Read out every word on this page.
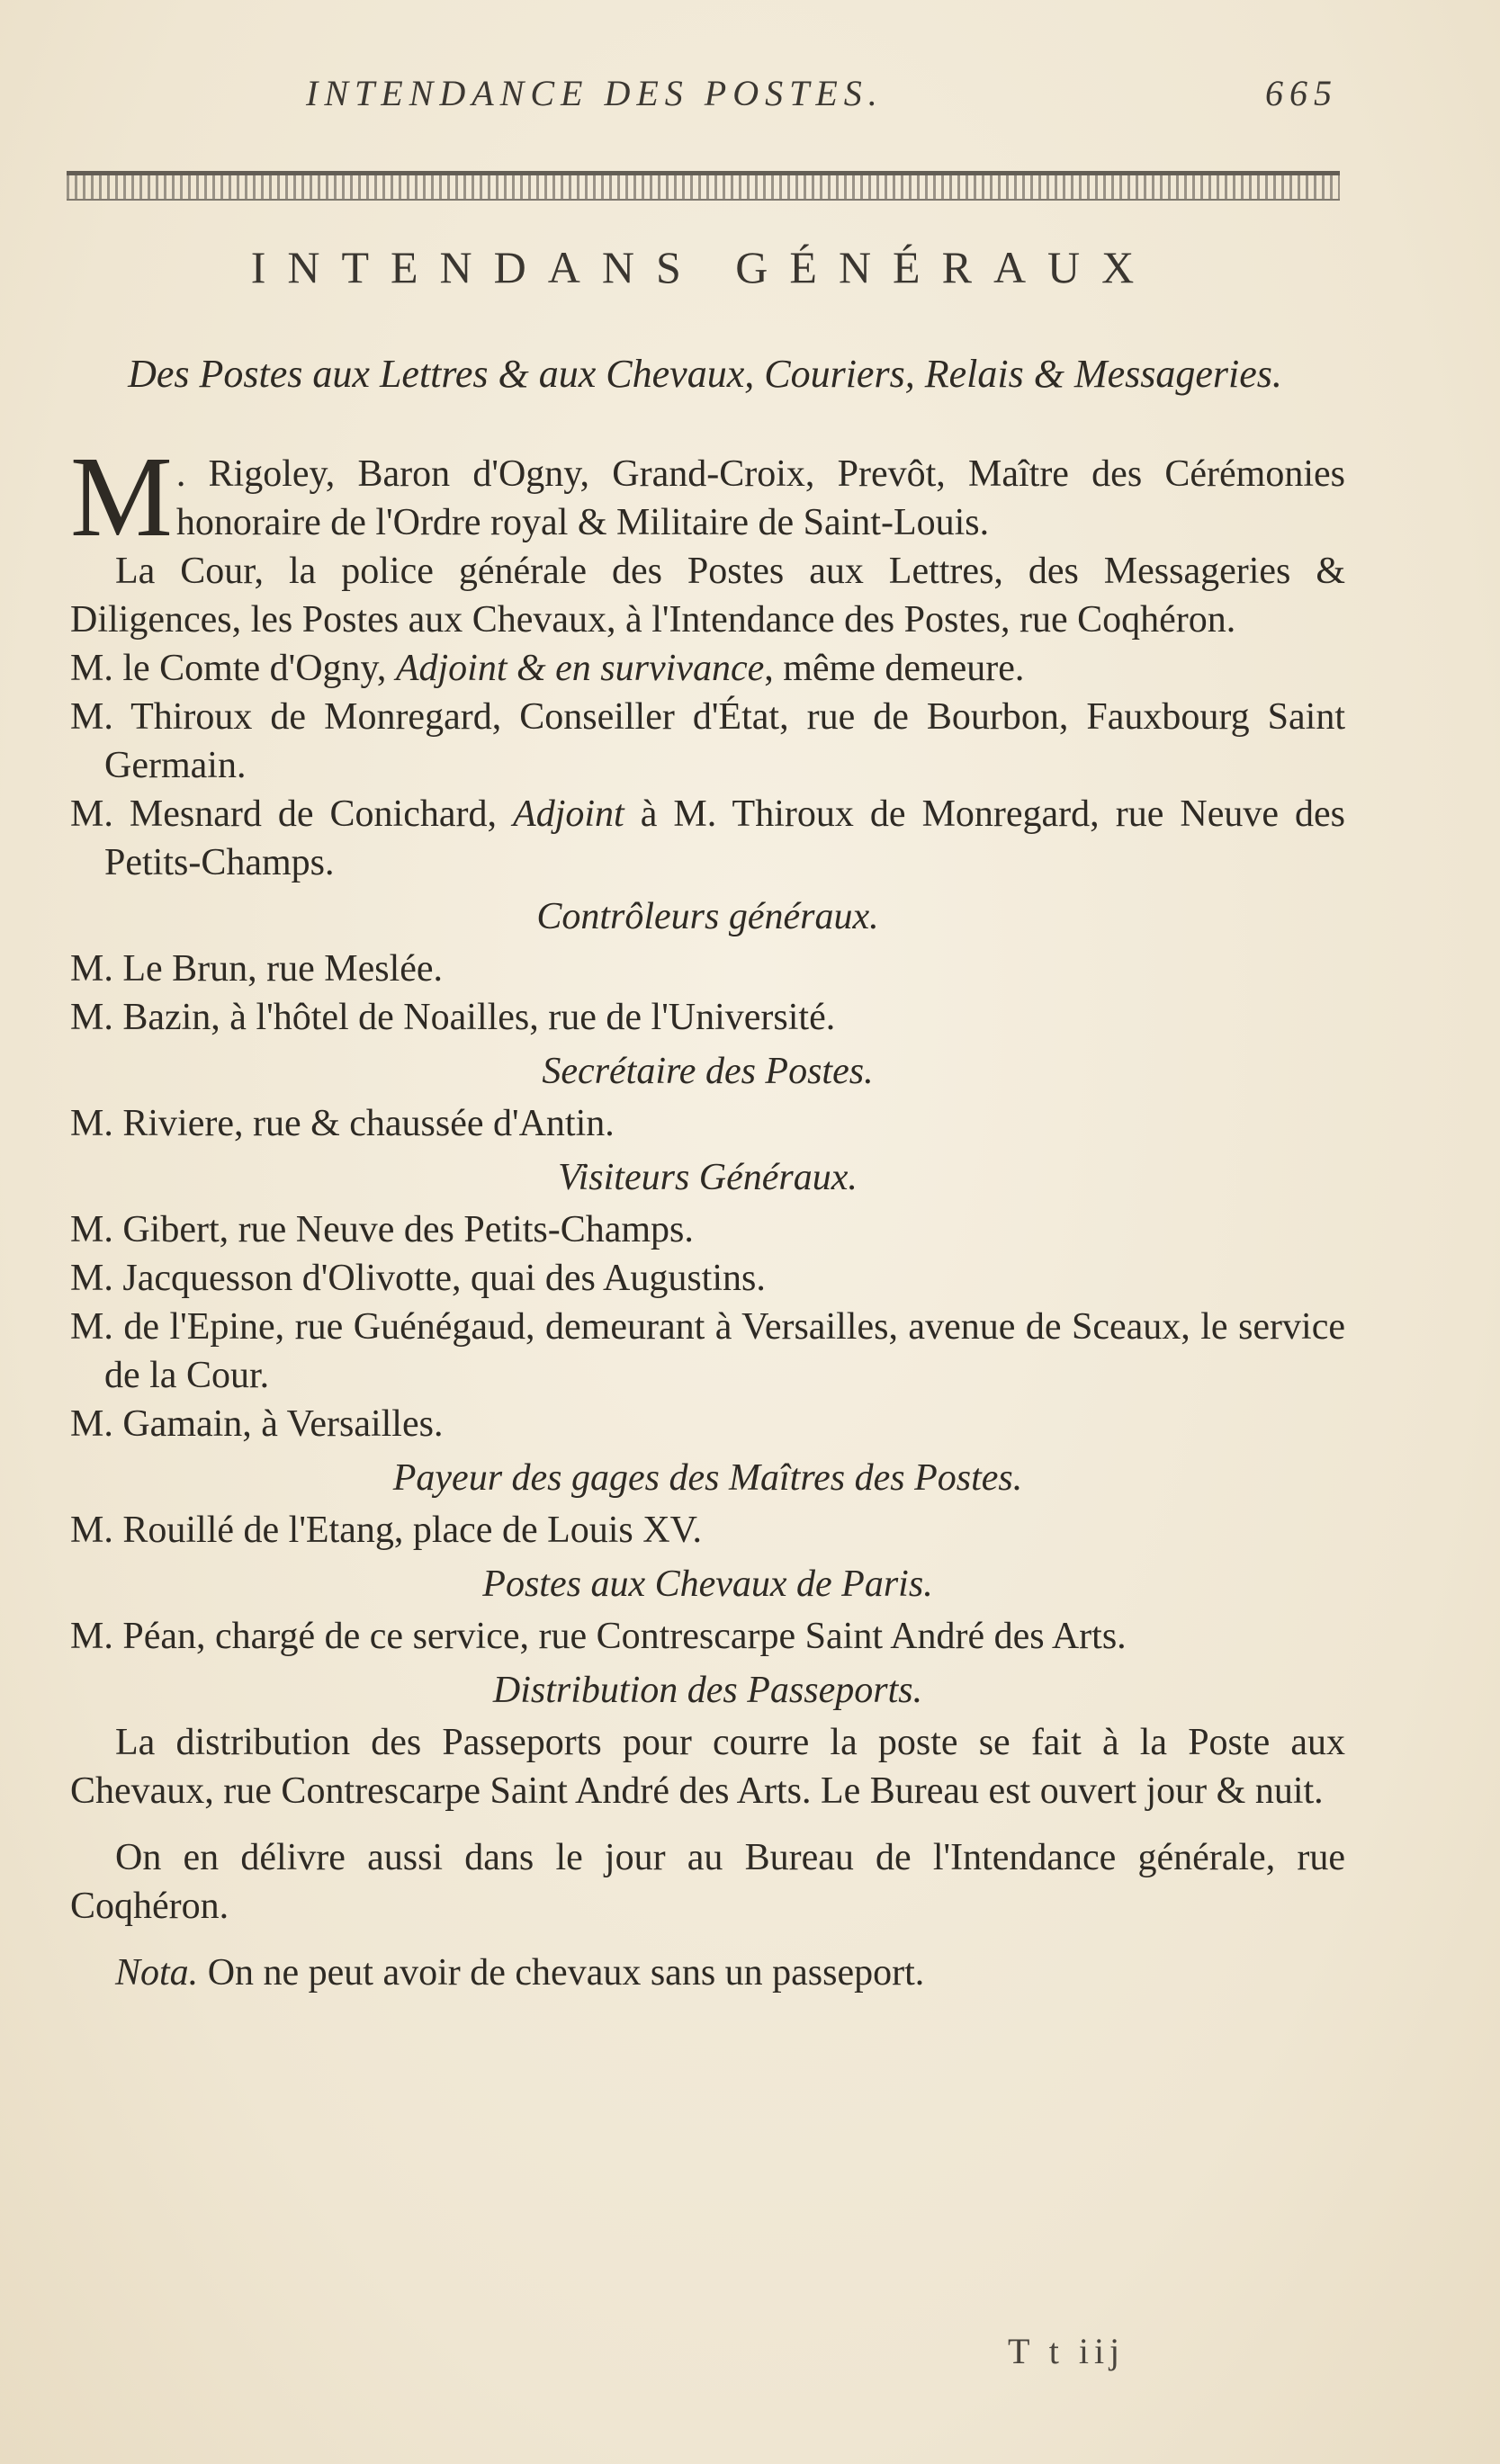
INTENDANCE DES POSTES.	665
INTENDANS GÉNÉRAUX
Des Postes aux Lettres & aux Chevaux, Couriers, Relais & Messageries.

M . Rigoley, Baron d'Ogny, Grand-Croix, Prevôt, Maître des Cérémonies honoraire de l'Ordre royal & Militaire de Saint-Louis.

La Cour, la police générale des Postes aux Lettres, des Messageries & Diligences, les Postes aux Chevaux, à l'Intendance des Postes, rue Coqhéron.

M. le Comte d'Ogny, Adjoint & en survivance, même demeure.

M. Thiroux de Monregard, Conseiller d'État, rue de Bourbon, Fauxbourg Saint Germain.

M. Mesnard de Conichard, Adjoint à M. Thiroux de Monregard, rue Neuve des Petits-Champs.

Contrôleurs généraux.

M. Le Brun, rue Meslée.

M. Bazin, à l'hôtel de Noailles, rue de l'Université.

Secrétaire des Postes.

M. Riviere, rue & chaussée d'Antin.

Visiteurs Généraux.

M. Gibert, rue Neuve des Petits-Champs.

M. Jacquesson d'Olivotte, quai des Augustins.

M. de l'Epine, rue Guénégaud, demeurant à Versailles, avenue de Sceaux, le service de la Cour.

M. Gamain, à Versailles.

Payeur des gages des Maîtres des Postes.

M. Rouillé de l'Etang, place de Louis XV.

Postes aux Chevaux de Paris.

M. Péan, chargé de ce service, rue Contrescarpe Saint André des Arts.

Distribution des Passeports.

La distribution des Passeports pour courre la poste se fait à la Poste aux Chevaux, rue Contrescarpe Saint André des Arts. Le Bureau est ouvert jour & nuit.

On en délivre aussi dans le jour au Bureau de l'Intendance générale, rue Coqhéron.

Nota. On ne peut avoir de chevaux sans un passeport.

T t iij
